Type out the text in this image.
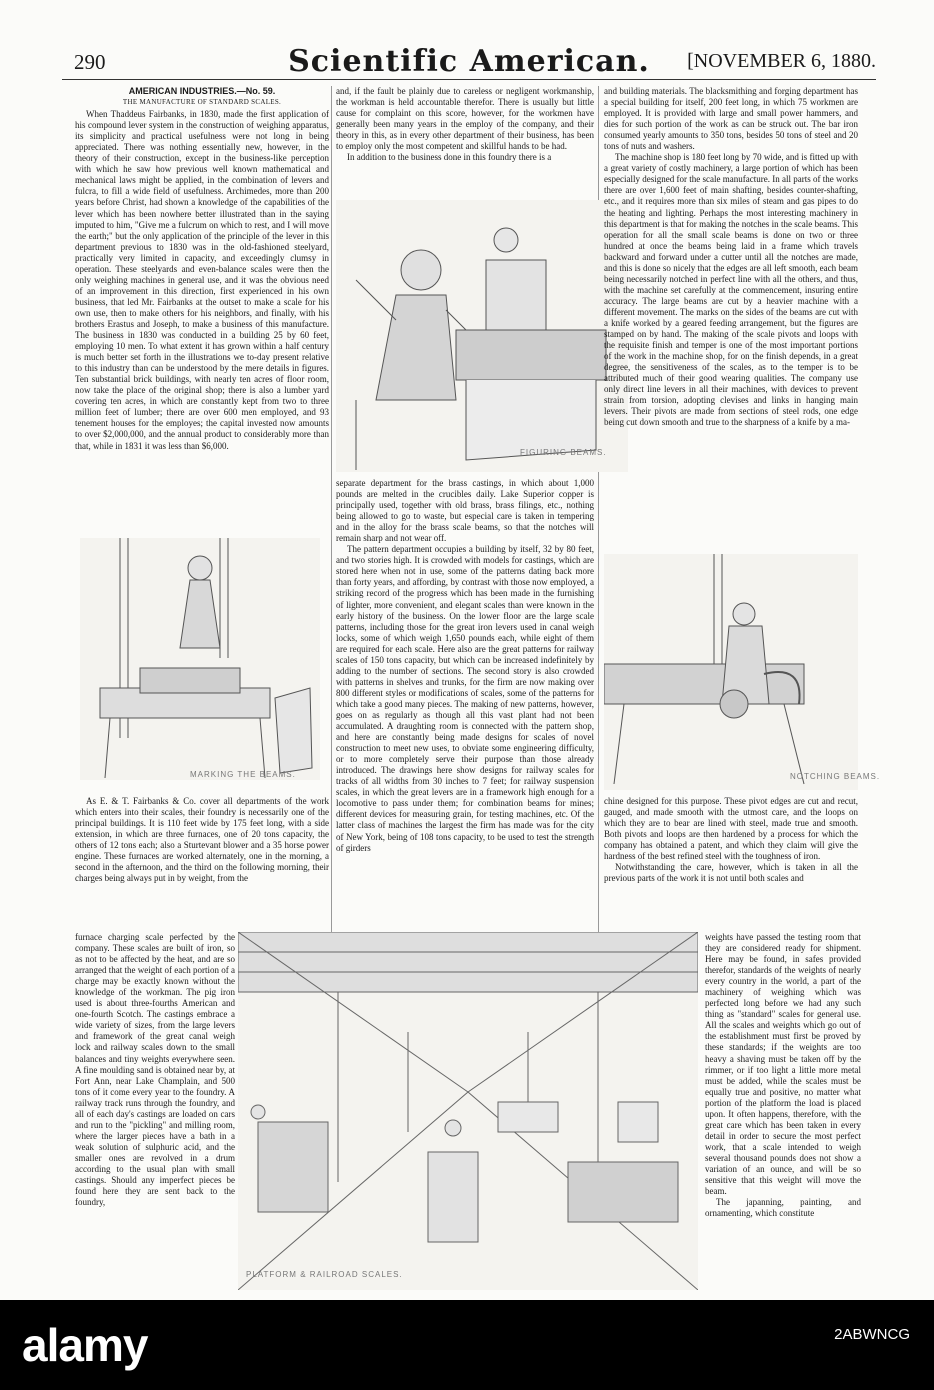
290	Scientific American.	[NOVEMBER 6, 1880.
AMERICAN INDUSTRIES.—No. 59.
THE MANUFACTURE OF STANDARD SCALES.

When Thaddeus Fairbanks, in 1830, made the first application of his compound lever system in the construction of weighing apparatus, its simplicity and practical usefulness were not long in being appreciated. There was nothing essentially new, however, in the theory of their construction, except in the business-like perception with which he saw how previous well known mathematical and mechanical laws might be applied, in the combination of levers and fulcra, to fill a wide field of usefulness. Archimedes, more than 200 years before Christ, had shown a knowledge of the capabilities of the lever which has been nowhere better illustrated than in the saying imputed to him, "Give me a fulcrum on which to rest, and I will move the earth;" but the only application of the principle of the lever in this department previous to 1830 was in the old-fashioned steelyard, practically very limited in capacity, and exceedingly clumsy in operation. These steelyards and even-balance scales were then the only weighing machines in general use, and it was the obvious need of an improvement in this direction, first experienced in his own business, that led Mr. Fairbanks at the outset to make a scale for his own use, then to make others for his neighbors, and finally, with his brothers Erastus and Joseph, to make a business of this manufacture. The business in 1830 was conducted in a building 25 by 60 feet, employing 10 men. To what extent it has grown within a half century is much better set forth in the illustrations we to-day present relative to this industry than can be understood by the mere details in figures. Ten substantial brick buildings, with nearly ten acres of floor room, now take the place of the original shop; there is also a lumber yard covering ten acres, in which are constantly kept from two to three million feet of lumber; there are over 600 men employed, and 93 tenement houses for the employes; the capital invested now amounts to over $2,000,000, and the annual product to considerably more than that, while in 1831 it was less than $6,000.

MARKING THE BEAMS.

As E. & T. Fairbanks & Co. cover all departments of the work which enters into their scales, their foundry is necessarily one of the principal buildings. It is 110 feet wide by 175 feet long, with a side extension, in which are three furnaces, one of 20 tons capacity, the others of 12 tons each; also a Sturtevant blower and a 35 horse power engine. These furnaces are worked alternately, one in the morning, a second in the afternoon, and the third on the following morning, their charges being always put in by weight, from the

furnace charging scale perfected by the company. These scales are built of iron, so as not to be affected by the heat, and are so arranged that the weight of each portion of a charge may be exactly known without the knowledge of the workman. The pig iron used is about three-fourths American and one-fourth Scotch. The castings embrace a wide variety of sizes, from the large levers and framework of the great canal weigh lock and railway scales down to the small balances and tiny weights everywhere seen. A fine moulding sand is obtained near by, at Fort Ann, near Lake Champlain, and 500 tons of it come every year to the foundry. A railway track runs through the foundry, and all of each day's castings are loaded on cars and run to the "pickling" and milling room, where the larger pieces have a bath in a weak solution of sulphuric acid, and the smaller ones are revolved in a drum according to the usual plan with small castings. Should any imperfect pieces be found here they are sent back to the foundry,

and, if the fault be plainly due to careless or negligent workmanship, the workman is held accountable therefor. There is usually but little cause for complaint on this score, however, for the workmen have generally been many years in the employ of the company, and their theory in this, as in every other department of their business, has been to employ only the most competent and skillful hands to be had.

In addition to the business done in this foundry there is a

FIGURING BEAMS.

separate department for the brass castings, in which about 1,000 pounds are melted in the crucibles daily. Lake Superior copper is principally used, together with old brass, brass filings, etc., nothing being allowed to go to waste, but especial care is taken in tempering and in the alloy for the brass scale beams, so that the notches will remain sharp and not wear off.

The pattern department occupies a building by itself, 32 by 80 feet, and two stories high. It is crowded with models for castings, which are stored here when not in use, some of the patterns dating back more than forty years, and affording, by contrast with those now employed, a striking record of the progress which has been made in the furnishing of lighter, more convenient, and elegant scales than were known in the early history of the business. On the lower floor are the large scale patterns, including those for the great iron levers used in canal weigh locks, some of which weigh 1,650 pounds each, while eight of them are required for each scale. Here also are the great patterns for railway scales of 150 tons capacity, but which can be increased indefinitely by adding to the number of sections. The second story is also crowded with patterns in shelves and trunks, for the firm are now making over 800 different styles or modifications of scales, some of the patterns for which take a good many pieces. The making of new patterns, however, goes on as regularly as though all this vast plant had not been accumulated. A draughting room is connected with the pattern shop, and here are constantly being made designs for scales of novel construction to meet new uses, to obviate some engineering difficulty, or to more completely serve their purpose than those already introduced. The drawings here show designs for railway scales for tracks of all widths from 30 inches to 7 feet; for railway suspension scales, in which the great levers are in a framework high enough for a locomotive to pass under them; for combination beams for mines; different devices for measuring grain, for testing machines, etc. Of the latter class of machines the largest the firm has made was for the city of New York, being of 108 tons capacity, to be used to test the strength of girders

and building materials. The blacksmithing and forging department has a special building for itself, 200 feet long, in which 75 workmen are employed. It is provided with large and small power hammers, and dies for such portion of the work as can be struck out. The bar iron consumed yearly amounts to 350 tons, besides 50 tons of steel and 20 tons of nuts and washers.

The machine shop is 180 feet long by 70 wide, and is fitted up with a great variety of costly machinery, a large portion of which has been especially designed for the scale manufacture. In all parts of the works there are over 1,600 feet of main shafting, besides counter-shafting, etc., and it requires more than six miles of steam and gas pipes to do the heating and lighting. Perhaps the most interesting machinery in this department is that for making the notches in the scale beams. This operation for all the small scale beams is done on two or three hundred at once the beams being laid in a frame which travels backward and forward under a cutter until all the notches are made, and this is done so nicely that the edges are all left smooth, each beam being necessarily notched in perfect line with all the others, and thus, with the machine set carefully at the commencement, insuring entire accuracy. The large beams are cut by a heavier machine with a different movement. The marks on the sides of the beams are cut with a knife worked by a geared feeding arrangement, but the figures are stamped on by hand. The making of the scale pivots and loops with the requisite finish and temper is one of the most important portions of the work in the machine shop, for on the finish depends, in a great degree, the sensitiveness of the scales, as to the temper is to be attributed much of their good wearing qualities. The company use only direct line levers in all their machines, with devices to prevent strain from torsion, adopting clevises and links in hanging main levers. Their pivots are made from sections of steel rods, one edge being cut down smooth and true to the sharpness of a knife by a ma-

NOTCHING BEAMS.

chine designed for this purpose. These pivot edges are cut and recut, gauged, and made smooth with the utmost care, and the loops on which they are to bear are lined with steel, made true and smooth. Both pivots and loops are then hardened by a process for which the company has obtained a patent, and which they claim will give the hardness of the best refined steel with the toughness of iron.

Notwithstanding the care, however, which is taken in all the previous parts of the work it is not until both scales and

PLATFORM & RAILROAD SCALES.

weights have passed the testing room that they are considered ready for shipment. Here may be found, in safes provided therefor, standards of the weights of nearly every country in the world, a part of the machinery of weighing which was perfected long before we had any such thing as "standard" scales for general use. All the scales and weights which go out of the establishment must first be proved by these standards; if the weights are too heavy a shaving must be taken off by the rimmer, or if too light a little more metal must be added, while the scales must be equally true and positive, no matter what portion of the platform the load is placed upon. It often happens, therefore, with the great care which has been taken in every detail in order to secure the most perfect work, that a scale intended to weigh several thousand pounds does not show a variation of an ounce, and will be so sensitive that this weight will move the beam.

The japanning, painting, and ornamenting, which constitute

alamy	2ABWNCG
